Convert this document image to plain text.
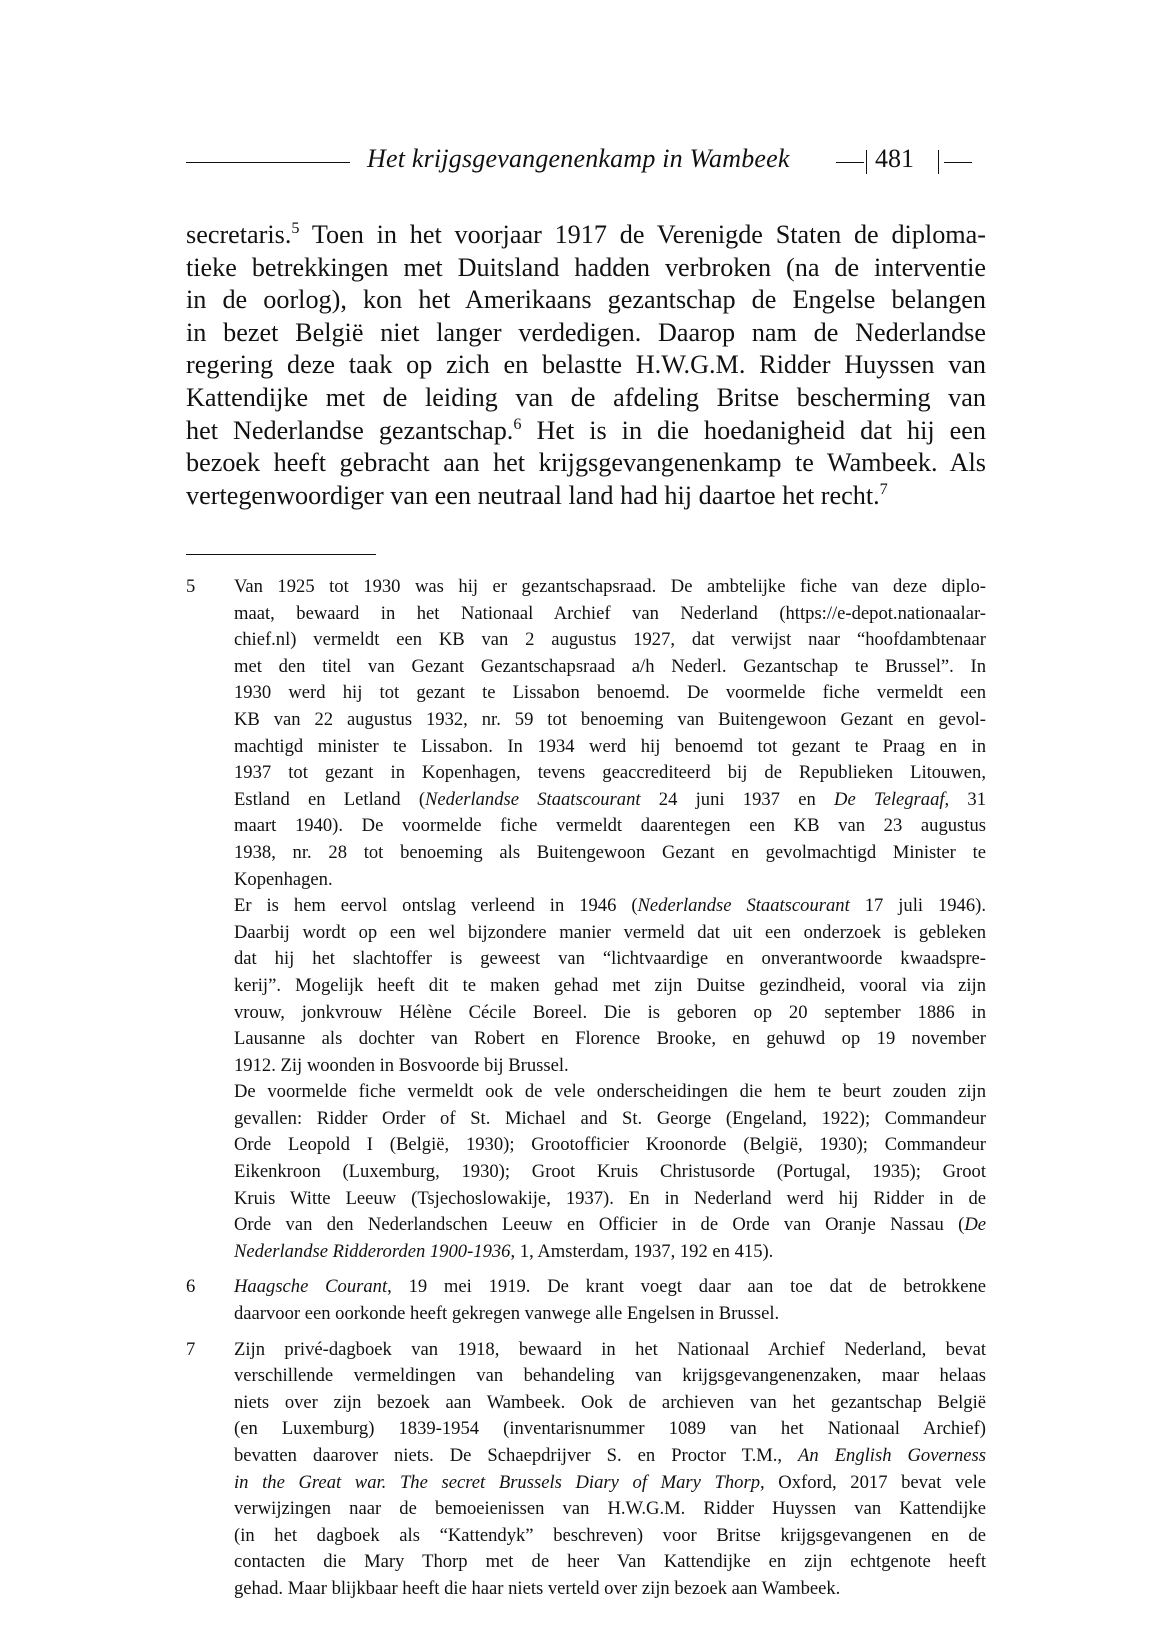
Het krijgsgevangenenkamp in Wambeek	481
secretaris.$^5$ Toen in het voorjaar 1917 de Verenigde Staten de diploma-
tieke betrekkingen met Duitsland hadden verbroken (na de interventie
in de oorlog), kon het Amerikaans gezantschap de Engelse belangen
in bezet België niet langer verdedigen. Daarop nam de Nederlandse
regering deze taak op zich en belastte H.W.G.M. Ridder Huyssen van
Kattendijke met de leiding van de afdeling Britse bescherming van
het Nederlandse gezantschap.$^6$ Het is in die hoedanigheid dat hij een
bezoek heeft gebracht aan het krijgsgevangenenkamp te Wambeek. Als
vertegenwoordiger van een neutraal land had hij daartoe het recht.$^7$
5 Van 1925 tot 1930 was hij er gezantschapsraad. De ambtelijke fiche van deze diplo-
maat, bewaard in het Nationaal Archief van Nederland (https://e-depot.nationaalar-
chief.nl) vermeldt een KB van 2 augustus 1927, dat verwijst naar “hoofdambtenaar
met den titel van Gezant Gezantschapsraad a/h Nederl. Gezantschap te Brussel”. In
1930 werd hij tot gezant te Lissabon benoemd. De voormelde fiche vermeldt een
KB van 22 augustus 1932, nr. 59 tot benoeming van Buitengewoon Gezant en gevol-
machtigd minister te Lissabon. In 1934 werd hij benoemd tot gezant te Praag en in
1937 tot gezant in Kopenhagen, tevens geaccrediteerd bij de Republieken Litouwen,
Estland en Letland (Nederlandse Staatscourant 24 juni 1937 en De Telegraaf, 31
maart 1940). De voormelde fiche vermeldt daarentegen een KB van 23 augustus
1938, nr. 28 tot benoeming als Buitengewoon Gezant en gevolmachtigd Minister te
Kopenhagen.
Er is hem eervol ontslag verleend in 1946 (Nederlandse Staatscourant 17 juli 1946).
Daarbij wordt op een wel bijzondere manier vermeld dat uit een onderzoek is gebleken
dat hij het slachtoffer is geweest van “lichtvaardige en onverantwoorde kwaadspre-
kerij”. Mogelijk heeft dit te maken gehad met zijn Duitse gezindheid, vooral via zijn
vrouw, jonkvrouw Hélène Cécile Boreel. Die is geboren op 20 september 1886 in
Lausanne als dochter van Robert en Florence Brooke, en gehuwd op 19 november
1912. Zij woonden in Bosvoorde bij Brussel.
De voormelde fiche vermeldt ook de vele onderscheidingen die hem te beurt zouden zijn
gevallen: Ridder Order of St. Michael and St. George (Engeland, 1922); Commandeur
Orde Leopold I (België, 1930); Grootofficier Kroonorde (België, 1930); Commandeur
Eikenkroon (Luxemburg, 1930); Groot Kruis Christusorde (Portugal, 1935); Groot
Kruis Witte Leeuw (Tsjechoslowakije, 1937). En in Nederland werd hij Ridder in de
Orde van den Nederlandschen Leeuw en Officier in de Orde van Oranje Nassau (De
Nederlandse Ridderorden 1900-1936, 1, Amsterdam, 1937, 192 en 415).
6 Haagsche Courant, 19 mei 1919. De krant voegt daar aan toe dat de betrokkene
daarvoor een oorkonde heeft gekregen vanwege alle Engelsen in Brussel.
7 Zijn privé-dagboek van 1918, bewaard in het Nationaal Archief Nederland, bevat
verschillende vermeldingen van behandeling van krijgsgevangenenzaken, maar helaas
niets over zijn bezoek aan Wambeek. Ook de archieven van het gezantschap België
(en Luxemburg) 1839-1954 (inventarisnummer 1089 van het Nationaal Archief)
bevatten daarover niets. De Schaepdrijver S. en Proctor T.M., An English Governess
in the Great war. The secret Brussels Diary of Mary Thorp, Oxford, 2017 bevat vele
verwijzingen naar de bemoeienissen van H.W.G.M. Ridder Huyssen van Kattendijke
(in het dagboek als “Kattendyk” beschreven) voor Britse krijgsgevangenen en de
contacten die Mary Thorp met de heer Van Kattendijke en zijn echtgenote heeft
gehad. Maar blijkbaar heeft die haar niets verteld over zijn bezoek aan Wambeek.
